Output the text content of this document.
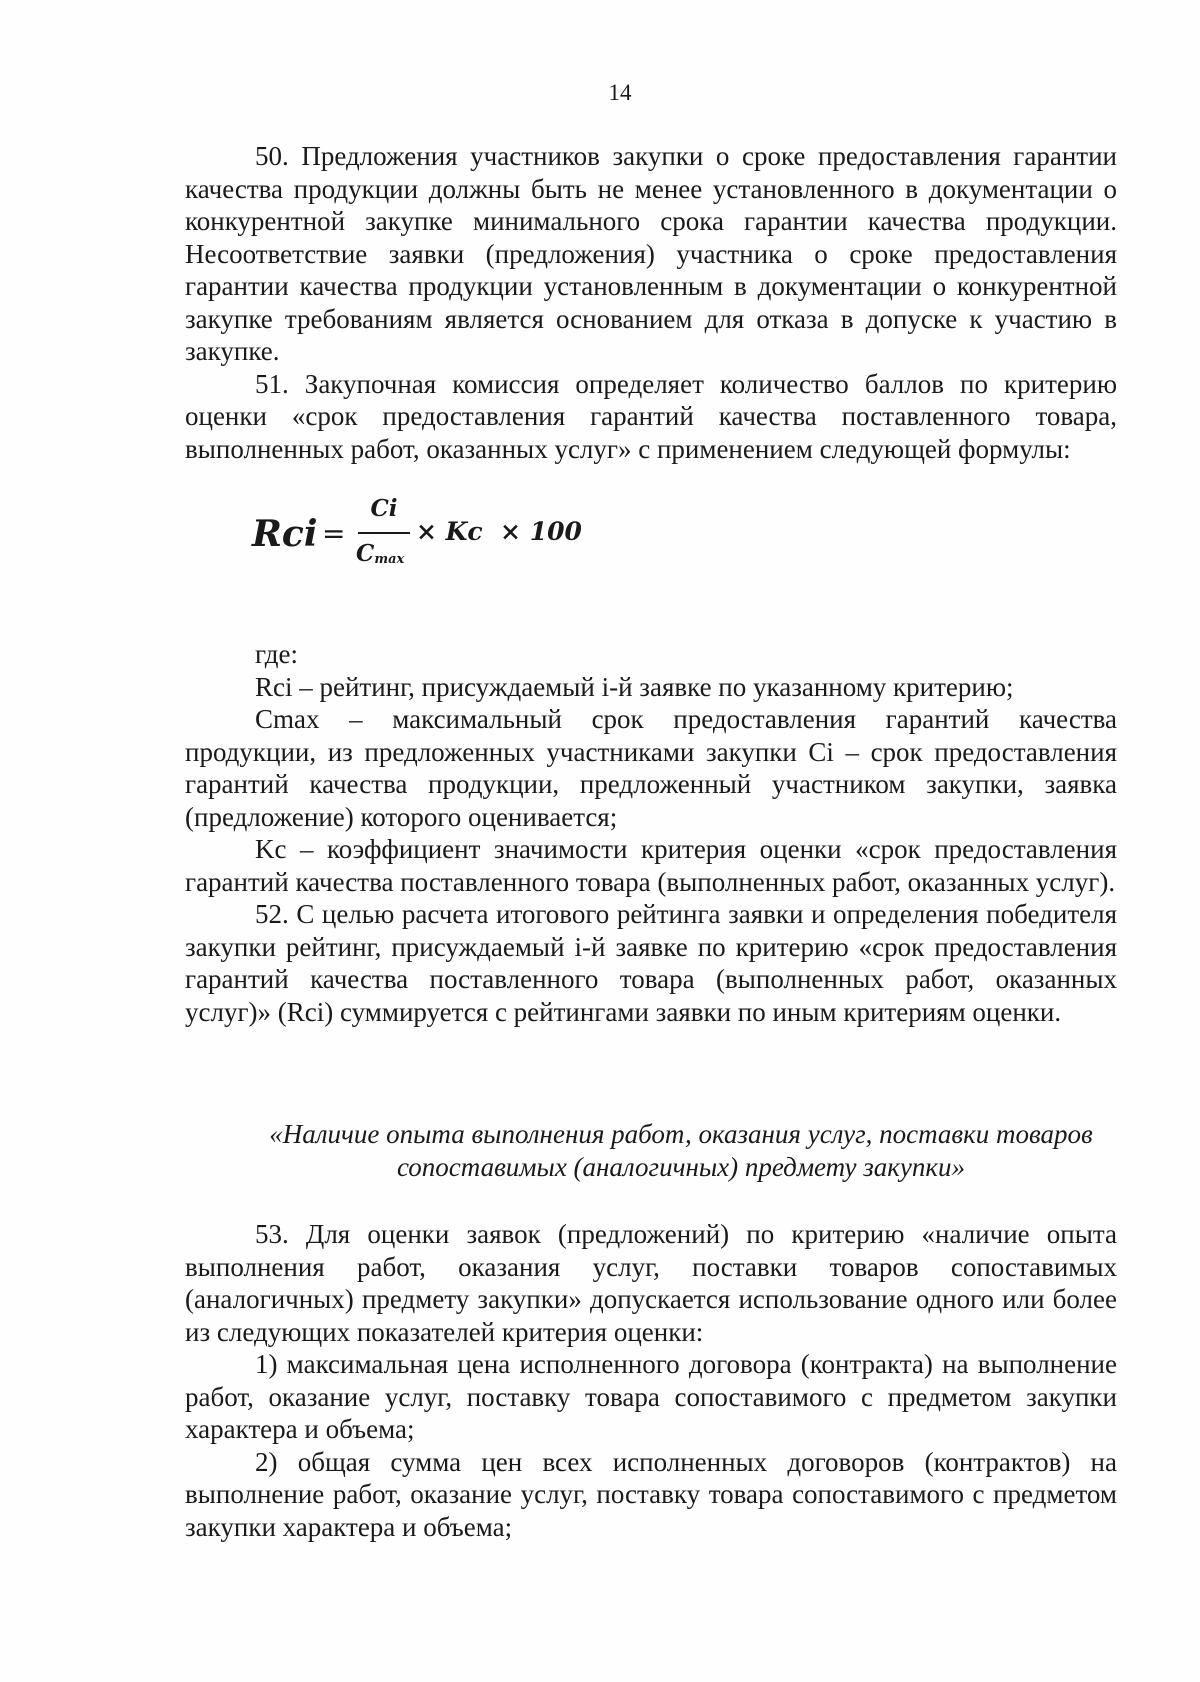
14

50. Предложения участников закупки о сроке предоставления гарантии качества продукции должны быть не менее установленного в документации о конкурентной закупке минимального срока гарантии качества продукции. Несоответствие заявки (предложения) участника о сроке предоставления гарантии качества продукции установленным в документации о конкурентной закупке требованиям является основанием для отказа в допуске к участию в закупке.

51. Закупочная комиссия определяет количество баллов по критерию оценки «срок предоставления гарантий качества поставленного товара, выполненных работ, оказанных услуг» с применением следующей формулы:

Rci =
Ci
$C_{max}$
× Kc × 100

где:

Rci – рейтинг, присуждаемый i-й заявке по указанному критерию;

Cmax – максимальный срок предоставления гарантий качества продукции, из предложенных участниками закупки Ci – срок предоставления гарантий качества продукции, предложенный участником закупки, заявка (предложение) которого оценивается;

Kc – коэффициент значимости критерия оценки «срок предоставления гарантий качества поставленного товара (выполненных работ, оказанных услуг).

52. С целью расчета итогового рейтинга заявки и определения победителя закупки рейтинг, присуждаемый i-й заявке по критерию «срок предоставления гарантий качества поставленного товара (выполненных работ, оказанных услуг)» (Rci) суммируется с рейтингами заявки по иным критериям оценки.

«Наличие опыта выполнения работ, оказания услуг, поставки товаров
сопоставимых (аналогичных) предмету закупки»

53. Для оценки заявок (предложений) по критерию «наличие опыта выполнения работ, оказания услуг, поставки товаров сопоставимых (аналогичных) предмету закупки» допускается использование одного или более из следующих показателей критерия оценки:

1) максимальная цена исполненного договора (контракта) на выполнение работ, оказание услуг, поставку товара сопоставимого с предметом закупки характера и объема;

2) общая сумма цен всех исполненных договоров (контрактов) на выполнение работ, оказание услуг, поставку товара сопоставимого с предметом закупки характера и объема;
